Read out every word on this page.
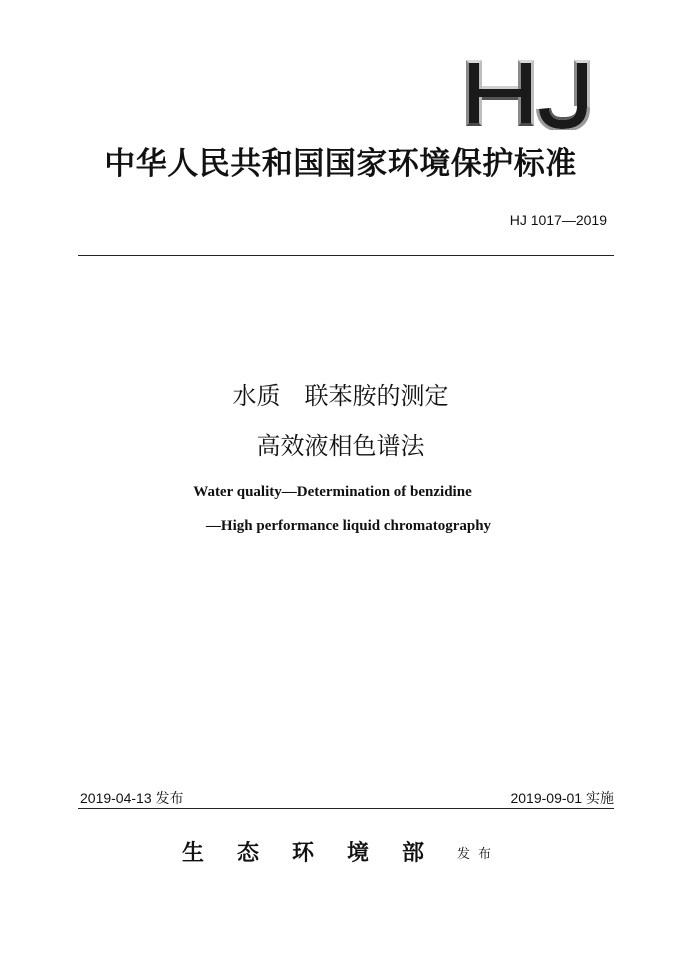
中华人民共和国国家环境保护标准
HJ 1017—2019
水质　联苯胺的测定
高效液相色谱法
Water quality—Determination of benzidine
—High performance liquid chromatography
2019-04-13 发布	2019-09-01 实施
生态环境部发布
